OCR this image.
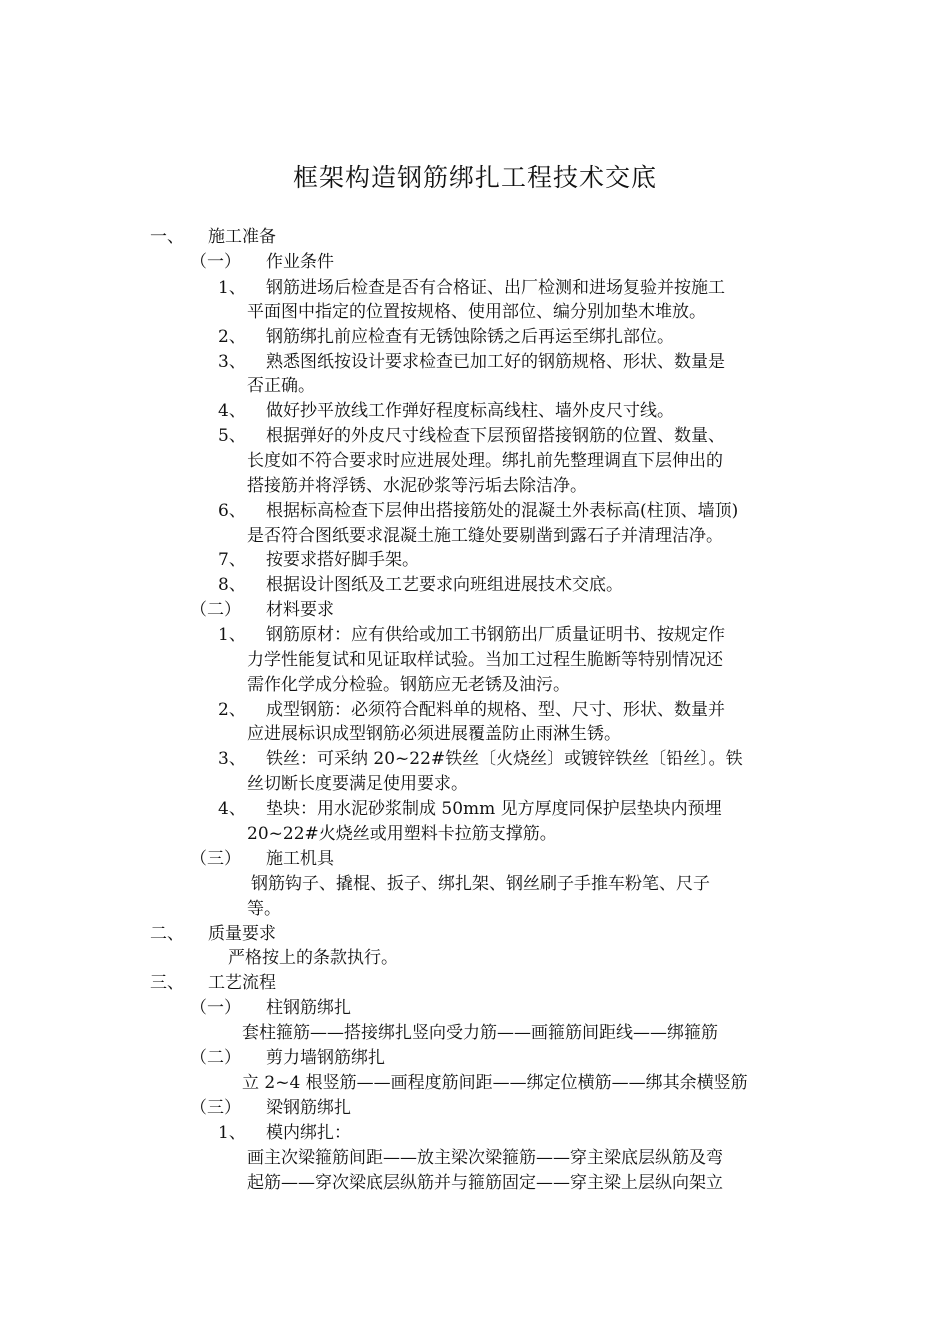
框架构造钢筋绑扎工程技术交底
一、 施工准备
（一） 作业条件
1、 钢筋进场后检查是否有合格证、出厂检测和进场复验并按施工
平面图中指定的位置按规格、使用部位、编分别加垫木堆放。
2、 钢筋绑扎前应检查有无锈蚀除锈之后再运至绑扎部位。
3、 熟悉图纸按设计要求检查已加工好的钢筋规格、形状、数量是
否正确。
4、 做好抄平放线工作弹好程度标高线柱、墙外皮尺寸线。
5、 根据弹好的外皮尺寸线检查下层预留搭接钢筋的位置、数量、
长度如不符合要求时应进展处理。绑扎前先整理调直下层伸出的
搭接筋并将浮锈、水泥砂浆等污垢去除洁净。
6、 根据标高检查下层伸出搭接筋处的混凝土外表标高(柱顶、墙顶)
是否符合图纸要求混凝土施工缝处要剔凿到露石子并清理洁净。
7、 按要求搭好脚手架。
8、 根据设计图纸及工艺要求向班组进展技术交底。
（二） 材料要求
1、 钢筋原材：应有供给或加工书钢筋出厂质量证明书、按规定作
力学性能复试和见证取样试验。当加工过程生脆断等特别情况还
需作化学成分检验。钢筋应无老锈及油污。
2、 成型钢筋：必须符合配料单的规格、型、尺寸、形状、数量并
应进展标识成型钢筋必须进展覆盖防止雨淋生锈。
3、 铁丝：可采纳 20~22#铁丝〔火烧丝〕或镀锌铁丝〔铅丝〕。铁
丝切断长度要满足使用要求。
4、 垫块：用水泥砂浆制成 50mm 见方厚度同保护层垫块内预埋
20~22#火烧丝或用塑料卡拉筋支撑筋。
（三） 施工机具
钢筋钩子、撬棍、扳子、绑扎架、钢丝刷子手推车粉笔、尺子
等。
二、 质量要求
严格按上的条款执行。
三、 工艺流程
（一） 柱钢筋绑扎
套柱箍筋——搭接绑扎竖向受力筋——画箍筋间距线——绑箍筋
（二） 剪力墙钢筋绑扎
立 2~4 根竖筋——画程度筋间距——绑定位横筋——绑其余横竖筋
（三） 梁钢筋绑扎
1、 模内绑扎：
画主次梁箍筋间距——放主梁次梁箍筋——穿主梁底层纵筋及弯
起筋——穿次梁底层纵筋并与箍筋固定——穿主梁上层纵向架立
